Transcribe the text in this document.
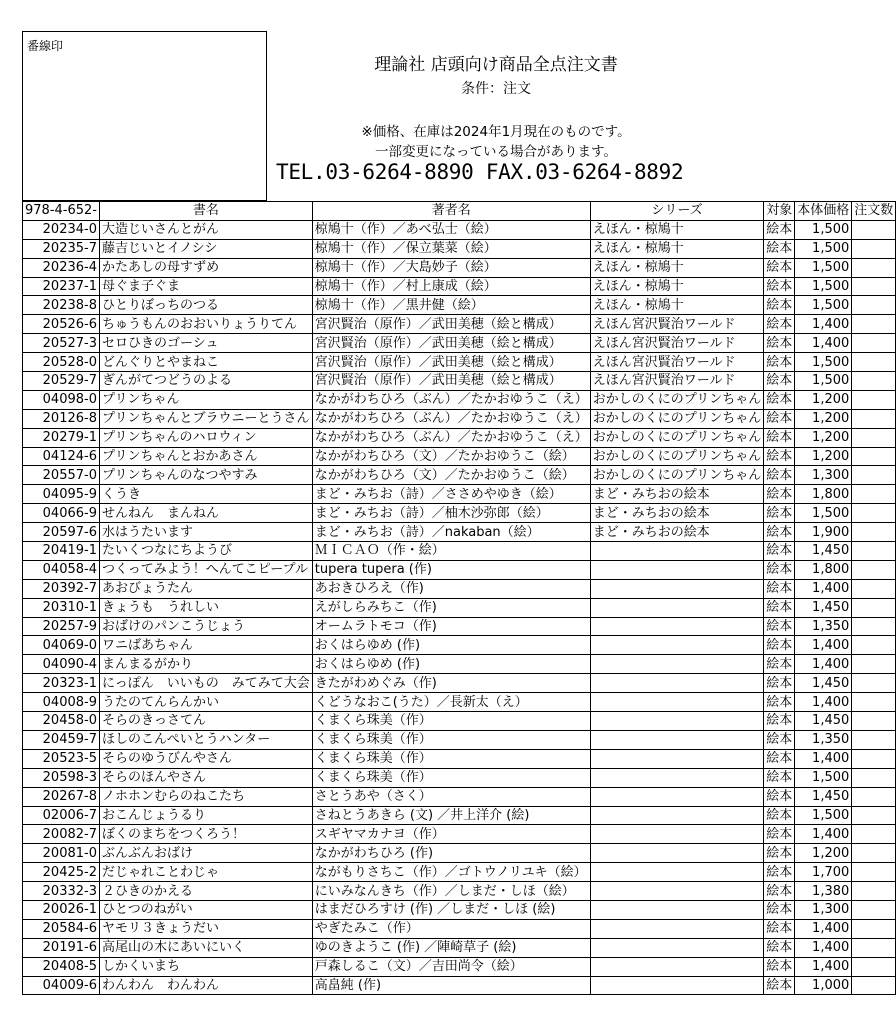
番線印
理論社 店頭向け商品全点注文書
条件：注文
※価格、在庫は2024年1月現在のものです。
一部変更になっている場合があります。
TEL.03-6264-8890 FAX.03-6264-8892
978-4-652-	書名	著者名	シリーズ	対象	本体価格	注文数
20234-0	大造じいさんとがん	椋鳩十（作）／あべ弘士（絵）	えほん・椋鳩十	絵本	1,500	
20235-7	藤吉じいとイノシシ	椋鳩十（作）／保立葉菜（絵）	えほん・椋鳩十	絵本	1,500	
20236-4	かたあしの母すずめ	椋鳩十（作）／大島妙子（絵）	えほん・椋鳩十	絵本	1,500	
20237-1	母ぐま子ぐま	椋鳩十（作）／村上康成（絵）	えほん・椋鳩十	絵本	1,500	
20238-8	ひとりぼっちのつる	椋鳩十（作）／黒井健（絵）	えほん・椋鳩十	絵本	1,500	
20526-6	ちゅうもんのおおいりょうりてん	宮沢賢治（原作）／武田美穂（絵と構成）	えほん宮沢賢治ワールド	絵本	1,400	
20527-3	セロひきのゴーシュ	宮沢賢治（原作）／武田美穂（絵と構成）	えほん宮沢賢治ワールド	絵本	1,400	
20528-0	どんぐりとやまねこ	宮沢賢治（原作）／武田美穂（絵と構成）	えほん宮沢賢治ワールド	絵本	1,500	
20529-7	ぎんがてつどうのよる	宮沢賢治（原作）／武田美穂（絵と構成）	えほん宮沢賢治ワールド	絵本	1,500	
04098-0	プリンちゃん	なかがわちひろ（ぶん）／たかおゆうこ（え）	おかしのくにのプリンちゃん	絵本	1,200	
20126-8	プリンちゃんとブラウニーとうさん	なかがわちひろ（ぶん）／たかおゆうこ（え）	おかしのくにのプリンちゃん	絵本	1,200	
20279-1	プリンちゃんのハロウィン	なかがわちひろ（ぶん）／たかおゆうこ（え）	おかしのくにのプリンちゃん	絵本	1,200	
04124-6	プリンちゃんとおかあさん	なかがわちひろ（文）／たかおゆうこ（絵）	おかしのくにのプリンちゃん	絵本	1,200	
20557-0	プリンちゃんのなつやすみ	なかがわちひろ（文）／たかおゆうこ（絵）	おかしのくにのプリンちゃん	絵本	1,300	
04095-9	くうき	まど・みちお（詩）／ささめやゆき（絵）	まど・みちおの絵本	絵本	1,800	
04066-9	せんねん　まんねん	まど・みちお（詩）／柚木沙弥郎（絵）	まど・みちおの絵本	絵本	1,500	
20597-6	水はうたいます	まど・みちお（詩）／nakaban（絵）	まど・みちおの絵本	絵本	1,900	
20419-1	たいくつなにちようび	ＭＩＣＡＯ（作・絵）		絵本	1,450	
04058-4	つくってみよう！へんてこピープル	tupera tupera (作)		絵本	1,800	
20392-7	あおびょうたん	あおきひろえ（作)		絵本	1,400	
20310-1	きょうも　うれしい	えがしらみちこ（作)		絵本	1,450	
20257-9	おばけのパンこうじょう	オームラトモコ（作)		絵本	1,350	
04069-0	ワニばあちゃん	おくはらゆめ (作)		絵本	1,400	
04090-4	まんまるがかり	おくはらゆめ (作)		絵本	1,400	
20323-1	にっぽん　いいもの　みてみて大会	きたがわめぐみ（作)		絵本	1,450	
04008-9	うたのてんらんかい	くどうなおこ(うた）／長新太（え）		絵本	1,400	
20458-0	そらのきっさてん	くまくら珠美（作）		絵本	1,450	
20459-7	ほしのこんぺいとうハンター	くまくら珠美（作）		絵本	1,350	
20523-5	そらのゆうびんやさん	くまくら珠美（作）		絵本	1,400	
20598-3	そらのほんやさん	くまくら珠美（作）		絵本	1,500	
20267-8	ノホホンむらのねこたち	さとうあや（さく）		絵本	1,450	
02006-7	おこんじょうるり	さねとうあきら (文) ／井上洋介 (絵)		絵本	1,500	
20082-7	ぼくのまちをつくろう！	スギヤマカナヨ（作）		絵本	1,400	
20081-0	ぶんぶんおばけ	なかがわちひろ (作)		絵本	1,200	
20425-2	だじゃれことわじゃ	ながもりさちこ（作）／ゴトウノリユキ（絵）		絵本	1,700	
20332-3	２ひきのかえる	にいみなんきち（作）／しまだ・しほ（絵）		絵本	1,380	
20026-1	ひとつのねがい	はまだひろすけ (作) ／しまだ・しほ (絵)		絵本	1,300	
20584-6	ヤモリ３きょうだい	やぎたみこ（作）		絵本	1,400	
20191-6	高尾山の木にあいにいく	ゆのきようこ (作) ／陣崎草子 (絵)		絵本	1,400	
20408-5	しかくいまち	戸森しるこ（文）／吉田尚令（絵）		絵本	1,400	
04009-6	わんわん　わんわん	高畠純 (作)		絵本	1,000	
